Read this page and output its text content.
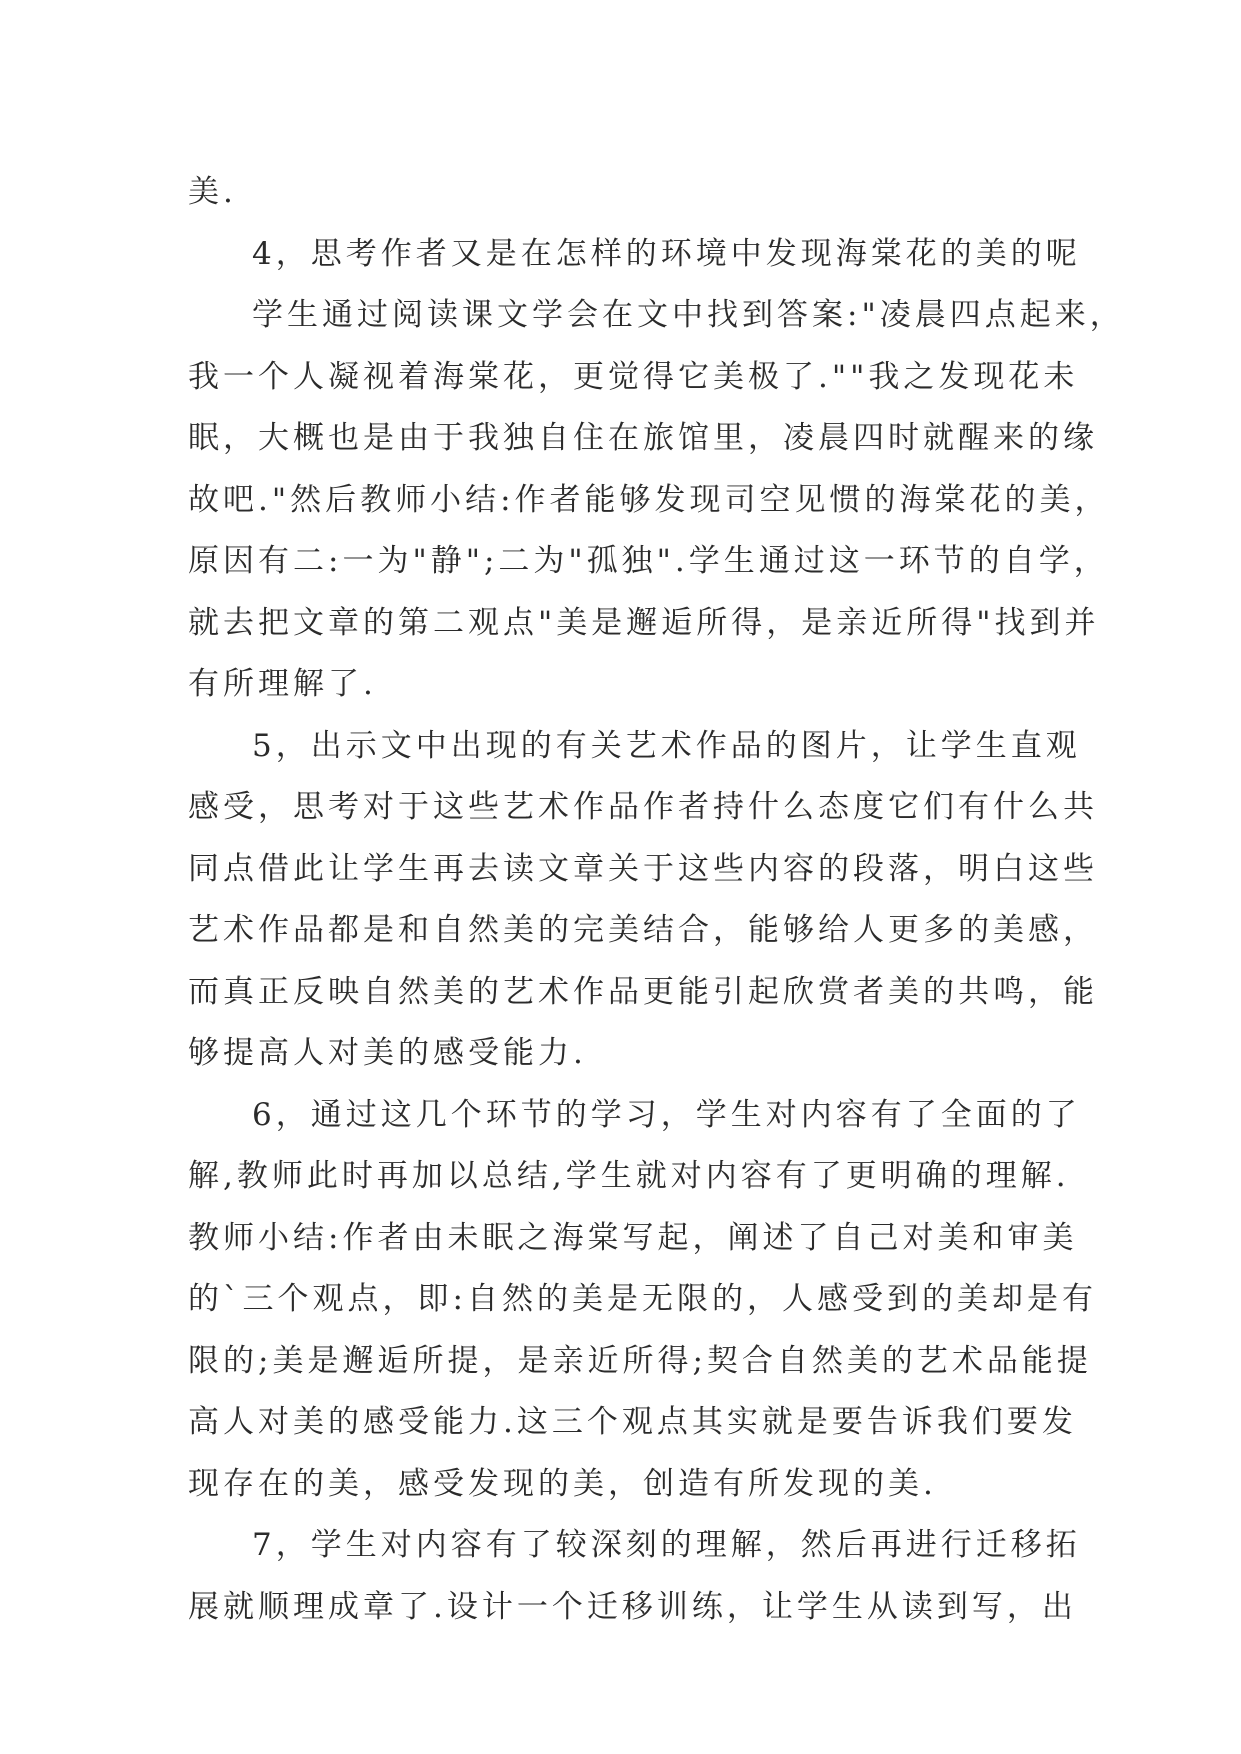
美.
4，思考作者又是在怎样的环境中发现海棠花的美的呢
学生通过阅读课文学会在文中找到答案:"凌晨四点起来，
我一个人凝视着海棠花，更觉得它美极了.""我之发现花未
眠，大概也是由于我独自住在旅馆里，凌晨四时就醒来的缘
故吧."然后教师小结:作者能够发现司空见惯的海棠花的美，
原因有二:一为"静";二为"孤独".学生通过这一环节的自学，
就去把文章的第二观点"美是邂逅所得，是亲近所得"找到并
有所理解了.
5，出示文中出现的有关艺术作品的图片，让学生直观
感受，思考对于这些艺术作品作者持什么态度它们有什么共
同点借此让学生再去读文章关于这些内容的段落，明白这些
艺术作品都是和自然美的完美结合，能够给人更多的美感，
而真正反映自然美的艺术作品更能引起欣赏者美的共鸣，能
够提高人对美的感受能力.
6，通过这几个环节的学习，学生对内容有了全面的了
解,教师此时再加以总结,学生就对内容有了更明确的理解.
教师小结:作者由未眠之海棠写起，阐述了自己对美和审美
的`三个观点，即:自然的美是无限的，人感受到的美却是有
限的;美是邂逅所提，是亲近所得;契合自然美的艺术品能提
高人对美的感受能力.这三个观点其实就是要告诉我们要发
现存在的美，感受发现的美，创造有所发现的美.
7，学生对内容有了较深刻的理解，然后再进行迁移拓
展就顺理成章了.设计一个迁移训练，让学生从读到写，出
